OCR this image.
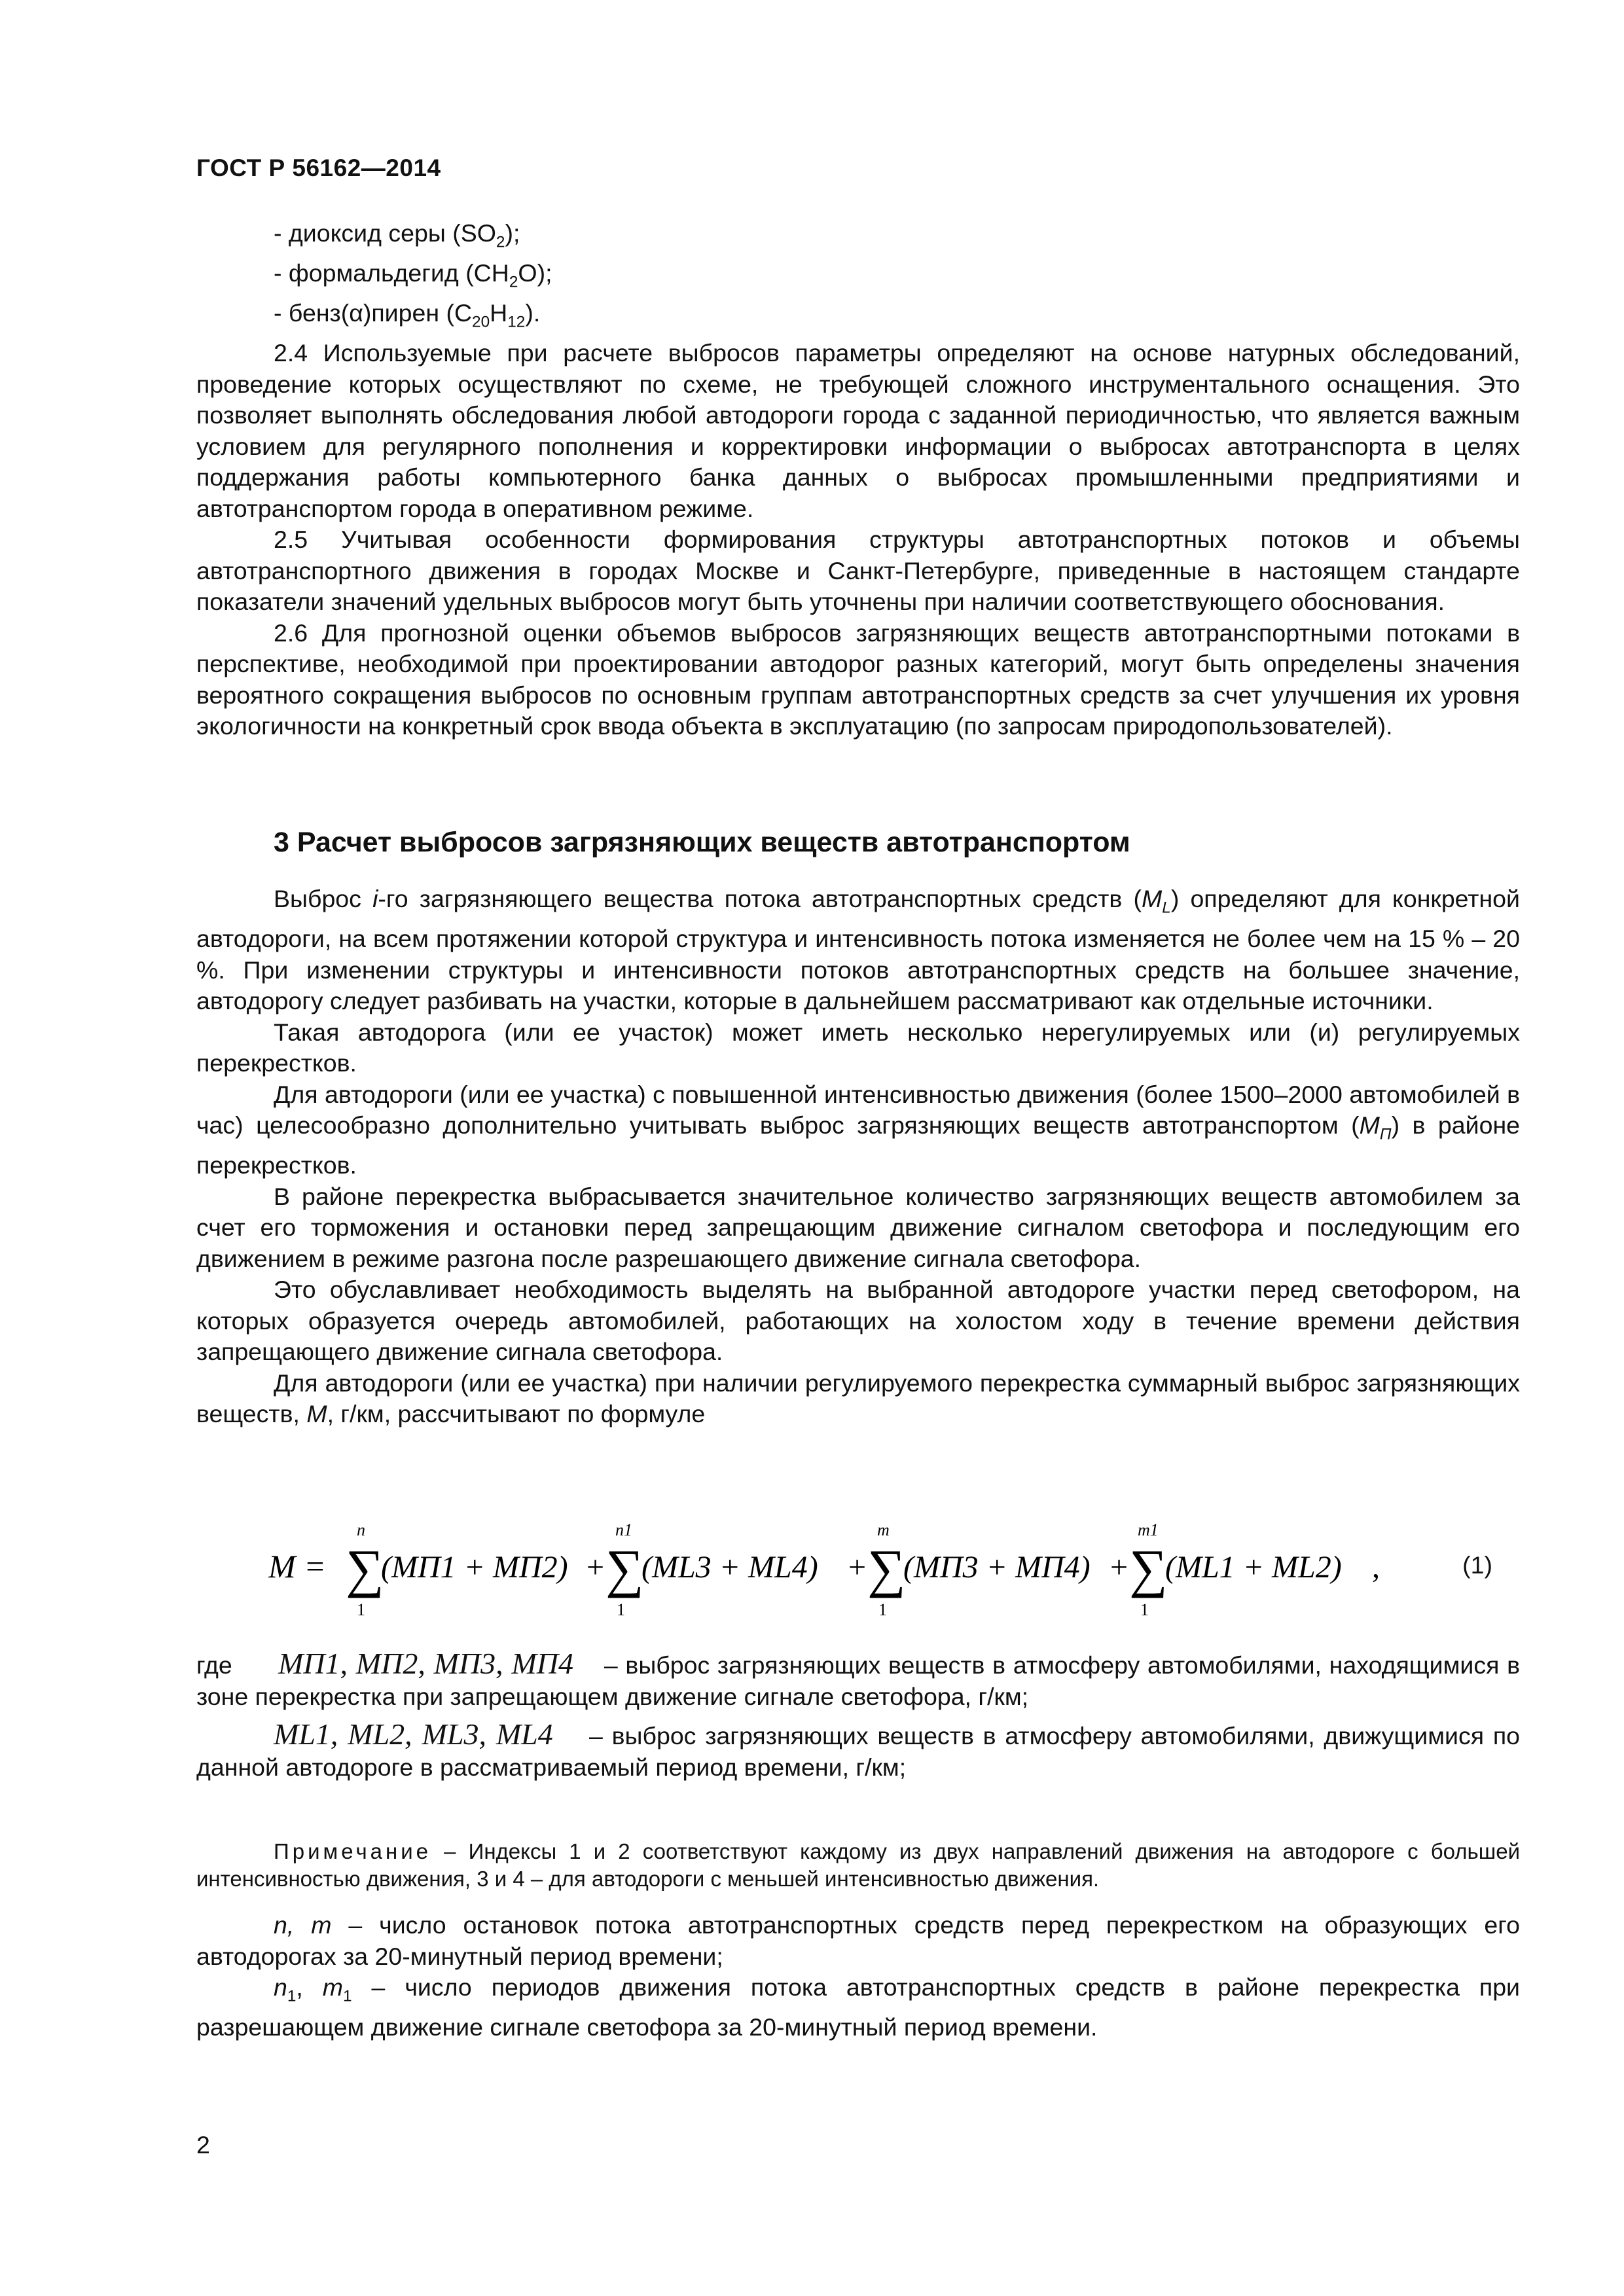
ГОСТ Р 56162—2014

- диоксид серы $(SO_2)$;

- формальдегид $(CH_2O)$;

- бенз(α)пирен $(C_{20}H_{12})$.

2.4 Используемые при расчете выбросов параметры определяют на основе натурных обследований, проведение которых осуществляют по схеме, не требующей сложного инструментального оснащения. Это позволяет выполнять обследования любой автодороги города с заданной периодичностью, что является важным условием для регулярного пополнения и корректировки информации о выбросах автотранспорта в целях поддержания работы компьютерного банка данных о выбросах промышленными предприятиями и автотранспортом города в оперативном режиме.

2.5 Учитывая особенности формирования структуры автотранспортных потоков и объемы автотранспортного движения в городах Москве и Санкт-Петербурге, приведенные в настоящем стандарте показатели значений удельных выбросов могут быть уточнены при наличии соответствующего обоснования.

2.6 Для прогнозной оценки объемов выбросов загрязняющих веществ автотранспортными потоками в перспективе, необходимой при проектировании автодорог разных категорий, могут быть определены значения вероятного сокращения выбросов по основным группам автотранспортных средств за счет улучшения их уровня экологичности на конкретный срок ввода объекта в эксплуатацию (по запросам природопользователей).

3 Расчет выбросов загрязняющих веществ автотранспортом

Выброс i-го загрязняющего вещества потока автотранспортных средств $(M_L)$ определяют для конкретной автодороги, на всем протяжении которой структура и интенсивность потока изменяется не более чем на 15 % – 20 %. При изменении структуры и интенсивности потоков автотранспортных средств на большее значение, автодорогу следует разбивать на участки, которые в дальнейшем рассматривают как отдельные источники.

Такая автодорога (или ее участок) может иметь несколько нерегулируемых или (и) регулируемых перекрестков.

Для автодороги (или ее участка) с повышенной интенсивностью движения (более 1500–2000 автомобилей в час) целесообразно дополнительно учитывать выброс загрязняющих веществ автотранспортом $(M_П)$ в районе перекрестков.

В районе перекрестка выбрасывается значительное количество загрязняющих веществ автомобилем за счет его торможения и остановки перед запрещающим движение сигналом светофора и последующим его движением в режиме разгона после разрешающего движение сигнала светофора.

Это обуславливает необходимость выделять на выбранной автодороге участки перед светофором, на которых образуется очередь автомобилей, работающих на холостом ходу в течение времени действия запрещающего движение сигнала светофора.

Для автодороги (или ее участка) при наличии регулируемого перекрестка суммарный выброс загрязняющих веществ, M, г/км, рассчитывают по формуле

M = ∑
n
1
(MП1 + MП2) + ∑
n1
1
(ML3 + ML4) + ∑
m
1
(MП3 + MП4) + ∑
m1
1
(ML1 + ML2) ,	(1)

где MП1, MП2, MП3, MП4 – выброс загрязняющих веществ в атмосферу автомобилями, находящимися в зоне перекрестка при запрещающем движение сигнале светофора, г/км;

ML1, ML2, ML3, ML4 – выброс загрязняющих веществ в атмосферу автомобилями, движущимися по данной автодороге в рассматриваемый период времени, г/км;

Примечание – Индексы 1 и 2 соответствуют каждому из двух направлений движения на автодороге с большей интенсивностью движения, 3 и 4 – для автодороги с меньшей интенсивностью движения.

n, m – число остановок потока автотранспортных средств перед перекрестком на образующих его автодорогах за 20-минутный период времени;

$n_1$, $m_1$ – число периодов движения потока автотранспортных средств в районе перекрестка при разрешающем движение сигнале светофора за 20-минутный период времени.

2
